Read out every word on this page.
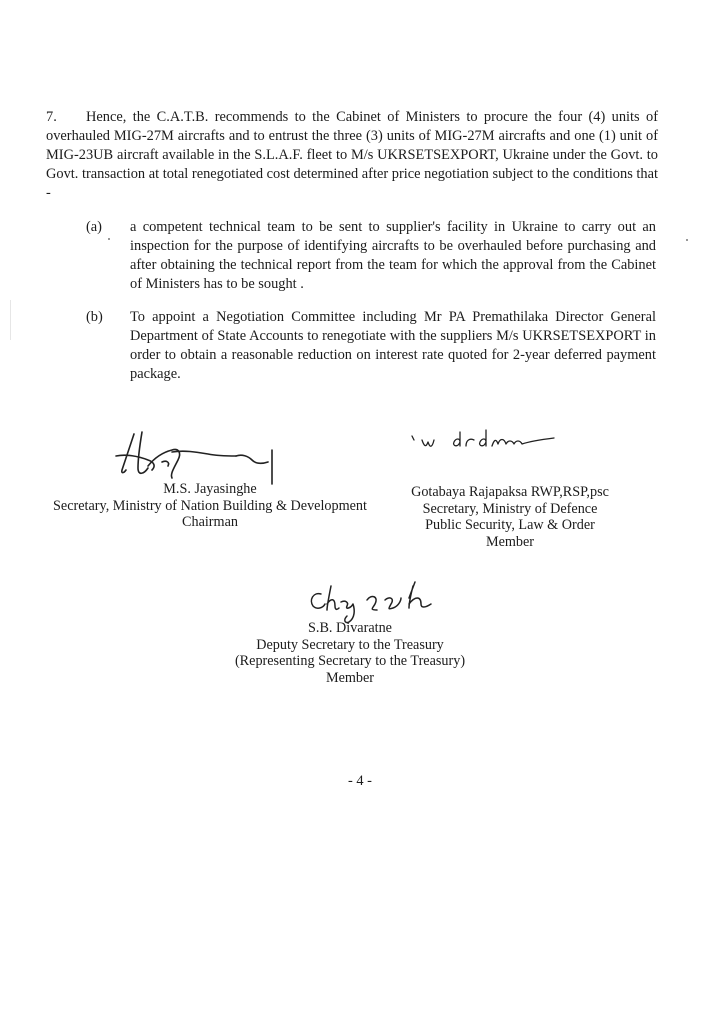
7. Hence, the C.A.T.B. recommends to the Cabinet of Ministers to procure the four (4) units of overhauled MIG-27M aircrafts and to entrust the three (3) units of MIG-27M aircrafts and one (1) unit of MIG-23UB aircraft available in the S.L.A.F. fleet to M/s UKRSETSEXPORT, Ukraine under the Govt. to Govt. transaction at total renegotiated cost determined after price negotiation subject to the conditions that -

(a)	a competent technical team to be sent to supplier's facility in Ukraine to carry out an inspection for the purpose of identifying aircrafts to be overhauled before purchasing and after obtaining the technical report from the team for which the approval from the Cabinet of Ministers has to be sought .
(b)	To appoint a Negotiation Committee including Mr PA Premathilaka Director General Department of State Accounts to renegotiate with the suppliers M/s UKRSETSEXPORT in order to obtain a reasonable reduction on interest rate quoted for 2-year deferred payment package.
M.S. Jayasinghe
Secretary, Ministry of Nation Building & Development
Chairman
Gotabaya Rajapaksa RWP,RSP,psc
Secretary, Ministry of Defence
Public Security, Law & Order
Member
S.B. Divaratne
Deputy Secretary to the Treasury
(Representing Secretary to the Treasury)
Member
- 4 -
